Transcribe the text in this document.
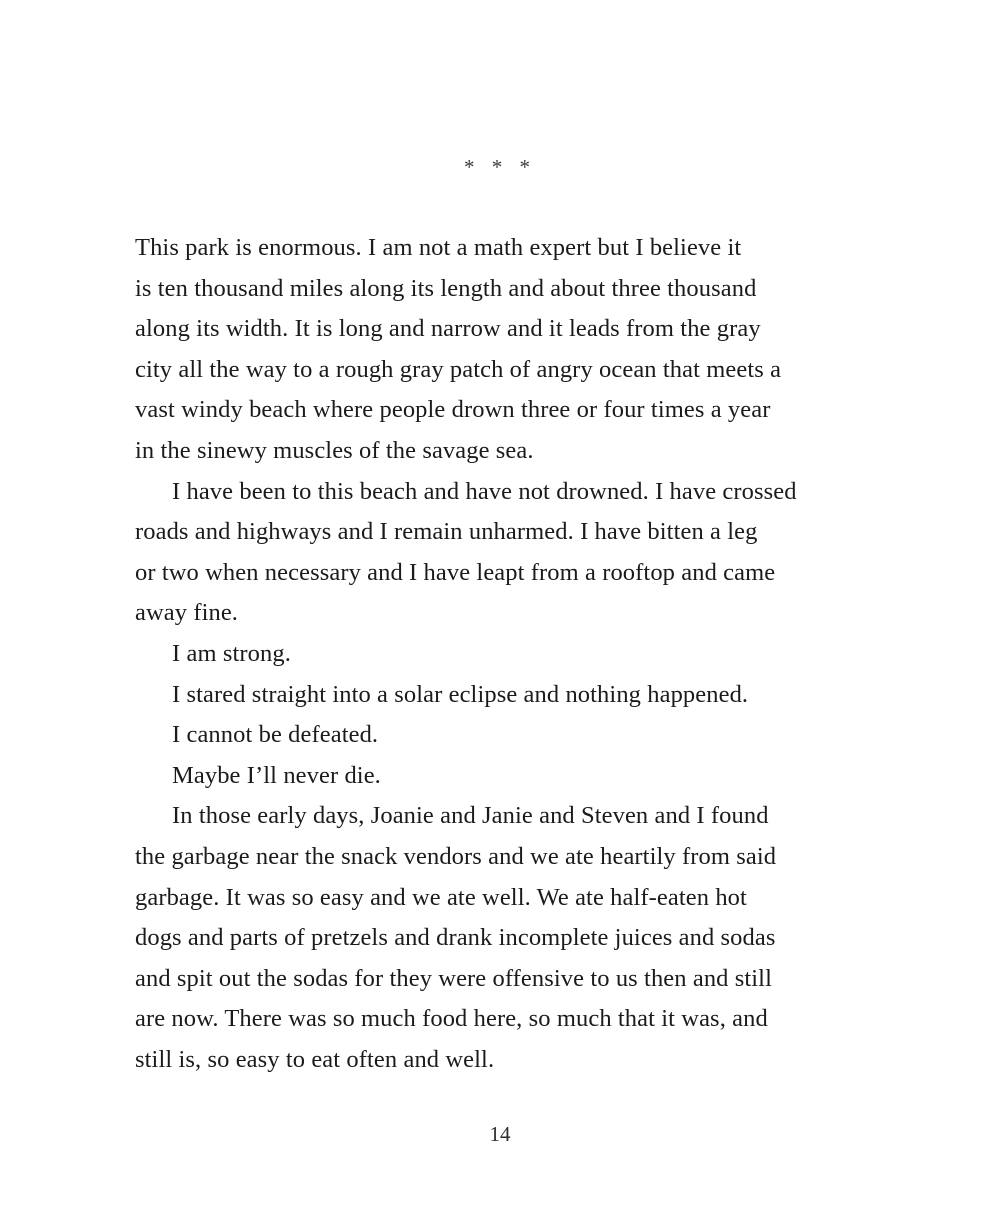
* * *
This park is enormous. I am not a math expert but I believe it
is ten thousand miles along its length and about three thousand
along its width. It is long and narrow and it leads from the gray
city all the way to a rough gray patch of angry ocean that meets a
vast windy beach where people drown three or four times a year
in the sinewy muscles of the savage sea.
I have been to this beach and have not drowned. I have crossed
roads and highways and I remain unharmed. I have bitten a leg
or two when necessary and I have leapt from a rooftop and came
away fine.
I am strong.
I stared straight into a solar eclipse and nothing happened.
I cannot be defeated.
Maybe I’ll never die.
In those early days, Joanie and Janie and Steven and I found
the garbage near the snack vendors and we ate heartily from said
garbage. It was so easy and we ate well. We ate half-eaten hot
dogs and parts of pretzels and drank incomplete juices and sodas
and spit out the sodas for they were offensive to us then and still
are now. There was so much food here, so much that it was, and
still is, so easy to eat often and well.
14
